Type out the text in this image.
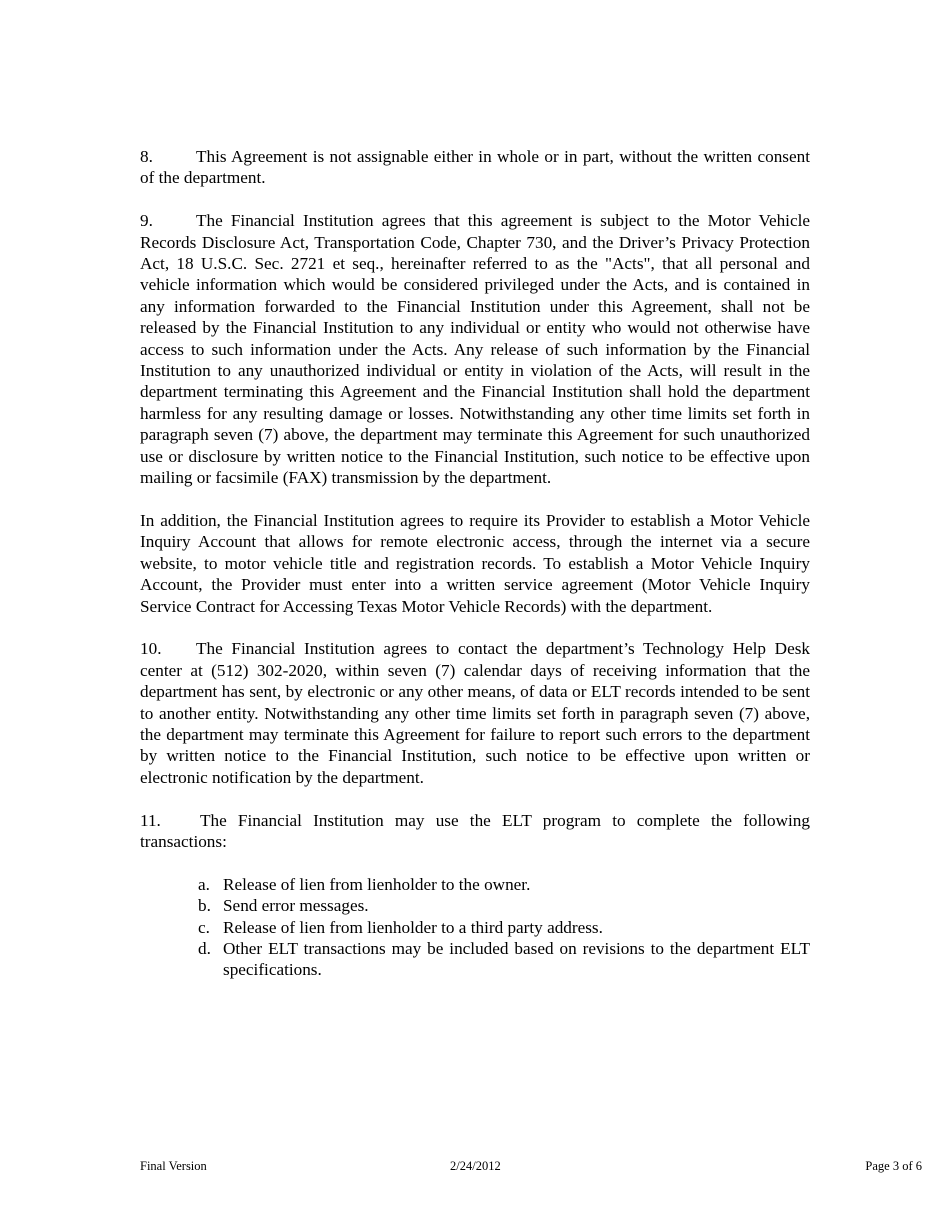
8.	This Agreement is not assignable either in whole or in part, without the written consent of the department.

9.	The Financial Institution agrees that this agreement is subject to the Motor Vehicle Records Disclosure Act, Transportation Code, Chapter 730, and the Driver’s Privacy Protection Act, 18 U.S.C. Sec. 2721 et seq., hereinafter referred to as the "Acts", that all personal and vehicle information which would be considered privileged under the Acts, and is contained in any information forwarded to the Financial Institution under this Agreement, shall not be released by the Financial Institution to any individual or entity who would not otherwise have access to such information under the Acts. Any release of such information by the Financial Institution to any unauthorized individual or entity in violation of the Acts, will result in the department terminating this Agreement and the Financial Institution shall hold the department harmless for any resulting damage or losses. Notwithstanding any other time limits set forth in paragraph seven (7) above, the department may terminate this Agreement for such unauthorized use or disclosure by written notice to the Financial Institution, such notice to be effective upon mailing or facsimile (FAX) transmission by the department.

In addition, the Financial Institution agrees to require its Provider to establish a Motor Vehicle Inquiry Account that allows for remote electronic access, through the internet via a secure website, to motor vehicle title and registration records. To establish a Motor Vehicle Inquiry Account, the Provider must enter into a written service agreement (Motor Vehicle Inquiry Service Contract for Accessing Texas Motor Vehicle Records) with the department.

10. The Financial Institution agrees to contact the department’s Technology Help Desk center at (512) 302-2020, within seven (7) calendar days of receiving information that the department has sent, by electronic or any other means, of data or ELT records intended to be sent to another entity. Notwithstanding any other time limits set forth in paragraph seven (7) above, the department may terminate this Agreement for failure to report such errors to the department by written notice to the Financial Institution, such notice to be effective upon written or electronic notification by the department.

11. The Financial Institution may use the ELT program to complete the following transactions:

a. Release of lien from lienholder to the owner.
b. Send error messages.
c. Release of lien from lienholder to a third party address.
d. Other ELT transactions may be included based on revisions to the department ELT specifications.
Final Version	2/24/2012	Page 3 of 6
